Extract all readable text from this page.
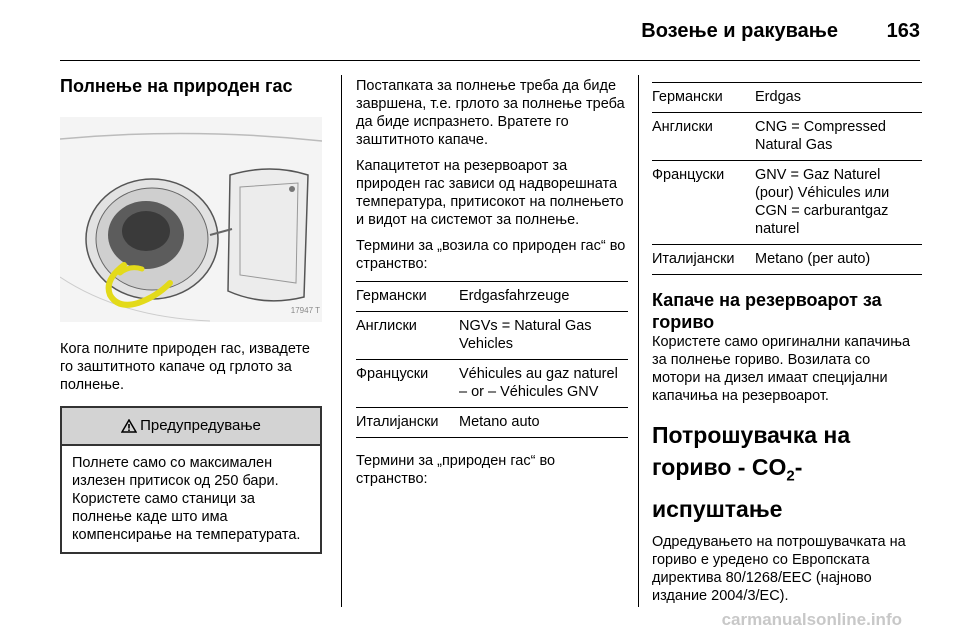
Возење и ракување 163
Полнење на природен гас
17947 T

Кога полните природен гас, извадете го заштитното капаче од грлото за полнење.

Предупредување

Полнете само со максимален излезен притисок од 250 бари. Користете само станици за полнење каде што има компенсирање на температурата.

Постапката за полнење треба да биде завршена, т.е. грлото за полнење треба да биде испразнето. Вратете го заштитното капаче.

Капацитетот на резервоарот за природен гас зависи од надворешната температура, притисокот на полнењето и видот на системот за полнење.

Термини за „возила со природен гас“ во странство:

Германски	Erdgasfahrzeuge
Англиски	NGVs = Natural Gas Vehicles
Француски	Véhicules au gaz naturel – or – Véhicules GNV
Италијански	Metano auto

Термини за „природен гас“ во странство:

Германски	Erdgas
Англиски	CNG = Compressed Natural Gas
Француски	GNV = Gaz Naturel (pour) Véhicules или CGN = carburantgaz naturel
Италијански	Metano (per auto)
Капаче на резервоарот за гориво

Користете само оригинални капачиња за полнење гориво. Возилата со мотори на дизел имаат специјални капачиња на резервоарот.

Потрошувачка на гориво - $CO_2$-испуштање

Одредувањето на потрошувачката на гориво е уредено со Европската директива 80/1268/EEC (најново издание 2004/3/EC).

carmanualsonline.info
